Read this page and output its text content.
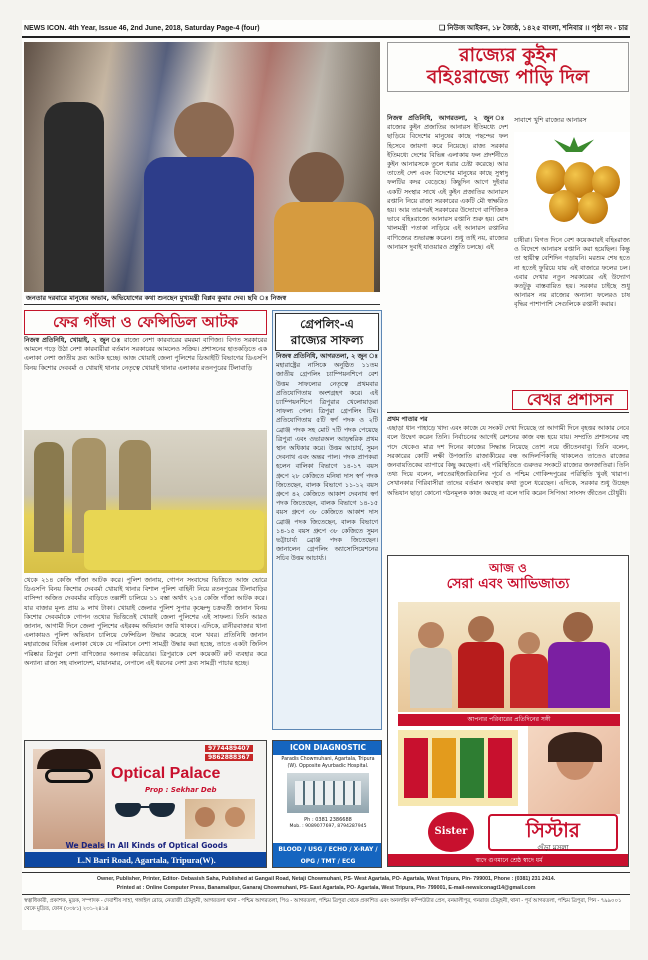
NEWS ICON. 4th Year, Issue 46, 2nd June, 2018, Saturday Page-4 (four)	❑ নিউজ আইকন, ১৮ জ্যৈষ্ঠ, ১৪২৫ বাংলা, শনিবার ।। পৃষ্ঠা নং - চার
জনতার দরবারে মানুষের অভাব, অভিযোগের কথা শুনছেন মুখ্যমন্ত্রী বিপ্লব কুমার দেব। ছবি ঃ নিজস্ব
রাজ্যের কুইন
বহিঃরাজ্যে পাড়ি দিল
নিজস্ব প্রতিনিধি, আগরতলা, ২ জুন ঃ রাজ্যের কুইন প্রজাতির আনারস ইতিমধ্যে দেশ ছাড়িয়ে বিদেশের মানুষের কাছে পছন্দের ফল হিসেবে জায়গা করে নিয়েছে। রাজ্য সরকার ইতিমধ্যে দেশের বিভিন্ন এলাকায় ফল প্রদর্শনীতে কুইন আনারসকে তুলে ধরার চেষ্টা করেছে। আর তাতেই দেশ এবং বিদেশের মানুষের কাছে সুস্বাদু ফলটির কদর বেড়েছে। কিছুদিন আগে দুইবার একটি সংস্থার সাথে এই কুইন প্রজাতির আনারস রপ্তানি নিয়ে রাজ্য সরকারের একটি মৌ স্বাক্ষরিত হয়। আর তারপরই সরকারের উদ্যোগে বাণিজ্যিক ভাবে বহিঃরাজ্যে আনারস রপ্তানি শুরু হয়। মোদ খালমন্ত্রী পতাকা নাড়িয়ে এই আনারস রপ্তানির বাণিজ্যের শুভারম্ভ করেন। শুধু তাই নয়, রাজ্যের আনারস দুবাই যাওয়ারও প্রস্তুতি চলছে। এই
সাবাশে খুশি রাজ্যের আনারস
চাষীরা। বিগত দিনে বেশ কয়েকবারই বহিঃরাজ্য ও বিদেশে আনারস রপ্তানি করা হয়েছিল। কিন্তু তা স্থায়ীত্ব বেশিদিন গড়ায়নি। মরশুম শেষ হতে না হতেই ফুরিয়ে যায় এই বাজারে ফলের চল। এবার দেখার নতুন সরকারের এই উদ্যোগ কতটুকু বাস্তবায়িত হয়। সরকার চাইছে শুধু আনারস নয় রাজ্যের অন্যান্য ফলেরও চাষ বৃদ্ধির পাশাপাশি সেগুলিকে রপ্তানী করার।
বেখর প্রশাসন
প্রথম পাতার পর
এছাড়া ধান পাহাড়ে খাদ্য এবং কাজে যে সংকট দেখা দিয়েছে তা আগামী দিনে বৃহত্তর আকার নেবে বলে উদ্বেগ করেন তিনি। নির্বাচনের আগেই রেশনের কাজ বন্ধ হয়ে যায়। সম্প্রতি প্রশাসনের বহু পদে থেকেও মাত্র দশ দিনের কাজের সিদ্ধান্ত নিয়েছে তোশ নয়ে জীতেনবাবু। তিনি বলেন, সরকারের কোটি লক্ষী উপজাতি রাজাকীয়ের বন্ধ আদিলপিঁকাছি থাকলেও তাতেও রাজ্যের জনবায়তিকের ব্যাপারে কিছু করছেনা। এই পরিস্থিতিতে গুরুতর সংকটে রাজ্যের জনজাতিরা। তিনি তথ্য দিয়ে বলেন, লাতেরাইজারিগুলির পূর্বে ও পশ্চিম গোকিন্দপুরের পরিস্থিতি খুবই খারাপ। সেখানকার গিরিবাসীরা তাদের বর্তমান অবস্থার কথা তুলে ধরেছেন। এদিকে, সরকার শুধু উচ্ছেদ অভিযান ছাড়া কোনো গঠনমূলক কাজ করছে না বলে দাবি করেন সিপিআ সাংসদ জীতেন চৌধুরী।
ফের গাঁজা ও ফেন্সিডিল আটক
নিজস্ব প্রতিনিধি, খোয়াই, ২ জুন ঃ রাজ্যে নেশা কারবারের রমরমা বাণিজ্য। বিগত সরকারের আমলে গড়ে উঠা নেশা কারবারীরা বর্তমান সরকারের আমলেও সক্রিয়। প্রশাসনের হাতকড়িতে এক এলাকা নেশা জাতীয় দ্রব্য আটক হচ্ছে। আজ খোয়াই জেলা পুলিশের ডিআইটি বিভাগের ডিএসপি বিনয় কিশোর দেববর্মা ও খোয়াই থানার নেতৃত্বে খোয়াই থানার এলাকার রতনপুরের টিলাবাড়ি
থেকে ২১৪ কেজি গাঁজা আটক করে। পুলিশ জানায়, গোপন সংবাদের ভিত্তিতে আজ ভোরে ডিএসপি বিনয় কিশোর দেববর্মা খোয়াই থানার বিশাল পুলিশ বাহিনী নিয়ে রতনপুরের টিলাবাড়ির বাসিন্দা অজিত দেববর্মার বাড়িতে তল্লাশী চালিয়ে ১১ বস্তা অর্থাৎ ২১৪ কেজি গাঁজা আটক করে। যার বাজার মূল্য প্রায় ৯ লাখ টাকা। খোয়াই জেলার পুলিশ সুপার কৃষ্ণেন্দু চক্রবর্তী জানান বিনয় কিশোর দেববর্মাকে গোপন তথ্যের ভিত্তিতেই খোয়াই জেলা পুলিশের এই সাফল্য। তিনি আরও জানান, আগামী দিনে জেলা পুলিশের এইরকম অভিযান জারি থাকবে। এদিকে, রানীরবাজার থানা এলাকায়ও পুলিশ অভিযান চালিয়ে ফেন্সিডিল উদ্ধার করেছে বলে খবর। প্রতিনিধি জানান মহারাজের বিভিন্ন এলাকা থেকে যে পরিমানে নেশা সামগ্রী উদ্ধার করা হচ্ছে, তাতে একটা জিনিস পরিষ্কার ত্রিপুরা নেশা বাণিজ্যের অন্যতম করিডোর। ত্রিপুরাকে বেশ কয়েকটি রুট ব্যবহার করে অন্যান্য রাজ্য সহ বাংলাদেশ, মায়ানমার, নেপালে এই ধরনের নেশা দ্রব্য সামগ্রী পাচার হচ্ছে।
গ্রেপলিং-এ
রাজ্যের সাফল্য
নিজস্ব প্রতিনিধি, আগরতলা, ২ জুন ঃ মহারাষ্ট্রের নাসিকে অনুষ্ঠিত ১১তম জাতীয় গ্রেপলিং চ্যাম্পিয়নশিপে বেশ উত্তম সাফল্যের নেতৃত্বে প্রথমবার প্রতিযোগিতায় অংশগ্রহণ করে। এই চ্যাম্পিয়নশিপে ত্রিপুরার খেলোয়াড়রা সাফল্য পেল। ত্রিপুরা গ্রেপলিং টিম। প্রতিযোগিতায় ৫টি স্বর্ণ পদক ও ২টি ব্রোঞ্জ পদক সহ মোট ৭টি পদক পেয়েছে ত্রিপুরা এবং ওভারঅল আড়ম্বরিক প্রথম স্থান অধিকার করে। উত্তম আচার্য, সুমন দেবনাথ এবং অন্তর পাল। পদক প্রাপকরা হলেন বালিকা বিভাগে ১৪-১৭ বয়স গ্রুপে ২৮ কেজিতে মনিষা দাস স্বর্ণ পদক জিতেছেন, বালক বিভাগে ১১-১২ বয়স গ্রুপে ৪২ কেজিতে আকাশ দেবনাথ স্বর্ণ পদক জিতেছেন, বালক বিভাগে ১৪-১৫ বয়স গ্রুপে ৩৮ কেজিতে আকাশ দাস ব্রোঞ্জ পদক জিতেছেন, বালক বিভাগে ১৪-১৫ বয়স গ্রুপে ৩৮ কেজিতে সুমন ভট্টাচার্য্য ব্রোঞ্জ পদক জিতেছেন। জানালেন গ্রেপলিং অ্যাসোসিয়েশনের সচিব উত্তম আচার্য্য।
আজ ও
সেরা এবং আভিজাত্য
আপনার পরিবারের প্রতিদিনের সঙ্গী
Sister	সিস্টার
গুঁড়া মসলা
স্বাদে গুণমানে শ্রেষ্ঠ স্বাদে ধর্ম
9774489407
9862888367
Optical Palace
Prop : Sekhar Deb
We Deals In All Kinds of Optical Goods
L.N Bari Road, Agartala, Tripura(W).
ICON DIAGNOSTIC
Paradis Chowmuhani, Agartala, Tripura (W). Opposite Ayurbadic Hospital.
Ph : 0381 2386688
Mob. : 9089077697, 8794287945
BLOOD / USG / ECHO / X-RAY / OPG / TMT / ECG
Owner, Publisher, Printer, Editor- Debasish Saha, Published at Gangail Road, Netaji Chowmuhani, PS- West Agartala, PO- Agartala, West Tripura, Pin- 799001, Phone : (0381) 231 2414.
Printed at : Online Computer Press, Banamalipur, Ganaraj Chowmuhani, PS- East Agartala, PO- Agartala, West Tripura, Pin- 799001, E-mail-newsiconagt14@gmail.com
স্বত্বাধিকারী, প্রকাশক, মুদ্রক, সম্পাদক - দেবাশীষ সাহা, গঙ্গাইল রোড, নেতাজী চৌমুহনী, আগরতলা থানা - পশ্চিম আগরতলা, পিও - আগরতলা, পশ্চিম ত্রিপুরা থেকে প্রকাশিত এবং অনলাইন কম্পিউটার প্রেস, বনমালীপুর, গনরাজ চৌমুহনী, থানা - পূর্ব আগরতলা, পশ্চিম ত্রিপুরা, পিন - ৭৯৯০০১ থেকে মুদ্রিত, ফোন (০৩৮১) ২৩১-২৪১৪
